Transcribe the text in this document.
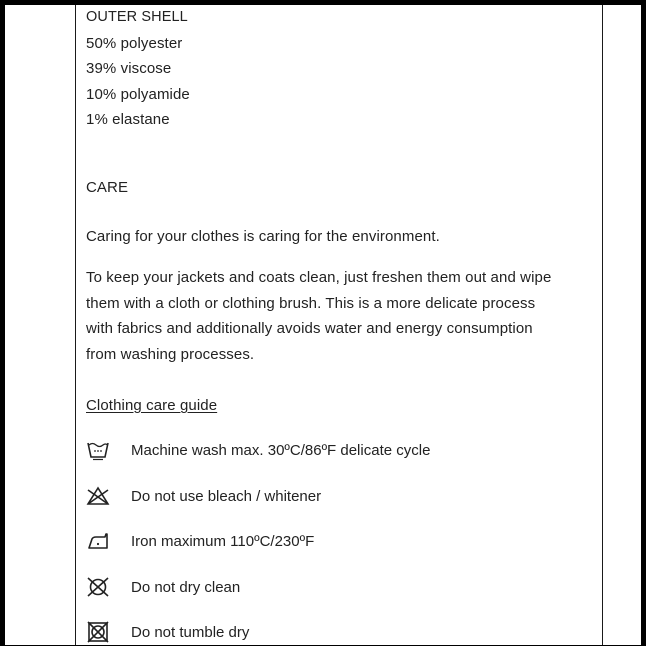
OUTER SHELL
50% polyester
39% viscose
10% polyamide
1% elastane
CARE
Caring for your clothes is caring for the environment.
To keep your jackets and coats clean, just freshen them out and wipe
them with a cloth or clothing brush. This is a more delicate process
with fabrics and additionally avoids water and energy consumption
from washing processes.
Clothing care guide
Machine wash max. 30ºC/86ºF delicate cycle
Do not use bleach / whitener
Iron maximum 110ºC/230ºF
Do not dry clean
Do not tumble dry
